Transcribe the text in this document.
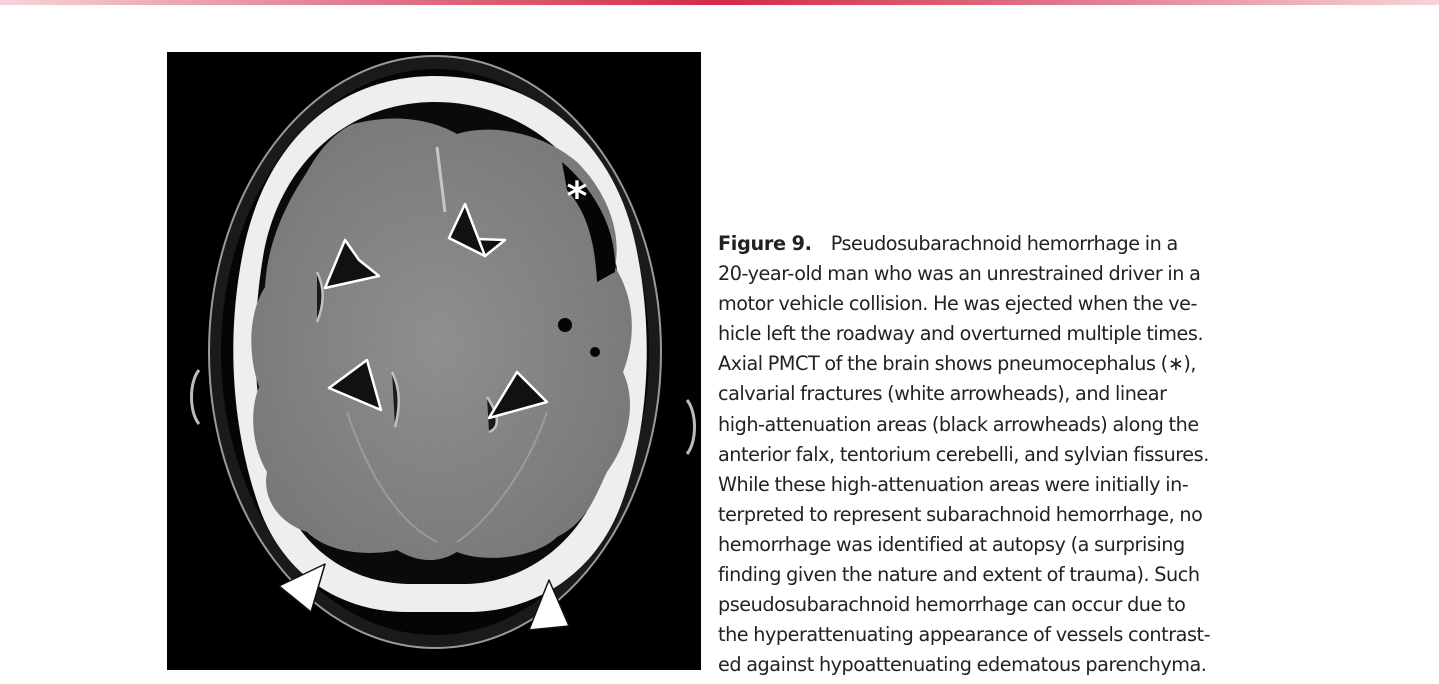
*
Figure 9. Pseudosubarachnoid hemorrhage in a
20-year-old man who was an unrestrained driver in a
motor vehicle collision. He was ejected when the ve-
hicle left the roadway and overturned multiple times.
Axial PMCT of the brain shows pneumocephalus (∗),
calvarial fractures (white arrowheads), and linear
high-attenuation areas (black arrowheads) along the
anterior falx, tentorium cerebelli, and sylvian fissures.
While these high-attenuation areas were initially in-
terpreted to represent subarachnoid hemorrhage, no
hemorrhage was identified at autopsy (a surprising
finding given the nature and extent of trauma). Such
pseudosubarachnoid hemorrhage can occur due to
the hyperattenuating appearance of vessels contrast-
ed against hypoattenuating edematous parenchyma.
